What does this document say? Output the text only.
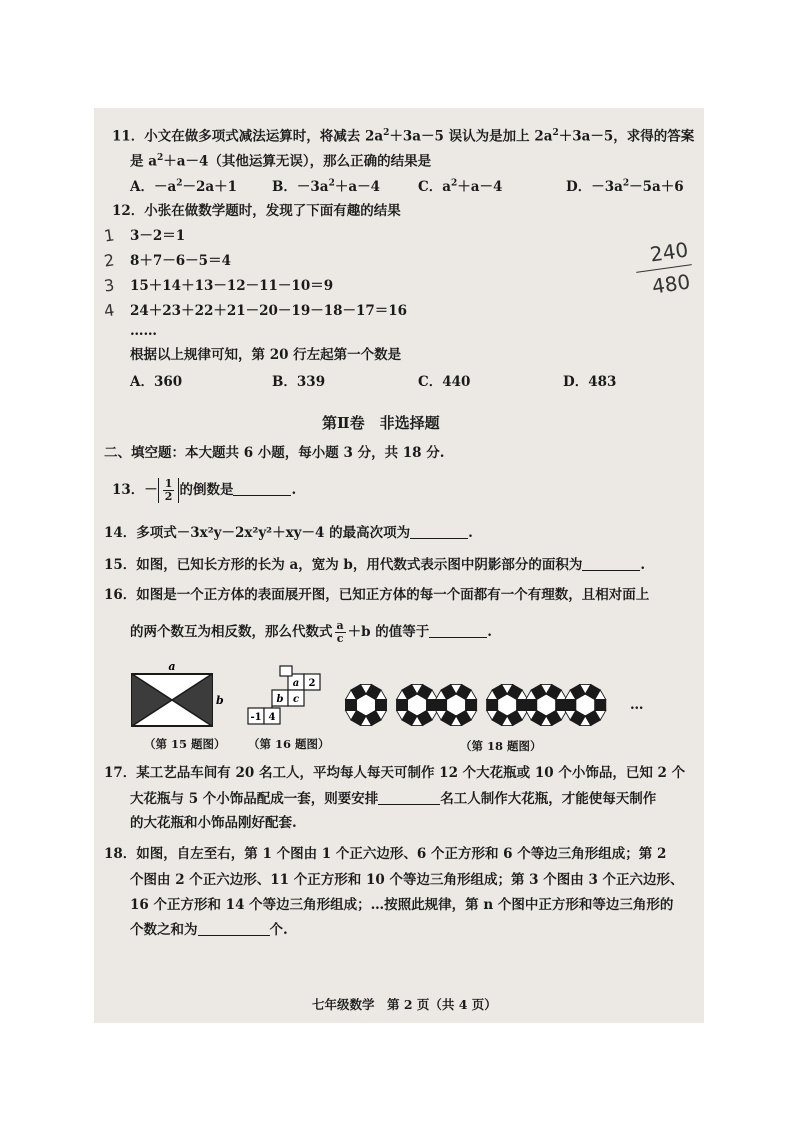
11．小文在做多项式减法运算时，将减去 $2a^2+3a-5$ 误认为是加上 $2a^2+3a-5$，求得的答案
是 $a^2+a-4$（其他运算无误），那么正确的结果是
A．$-a^2-2a+1$	B．$-3a^2+a-4$	C．$a^2+a-4$	D．$-3a^2-5a+6$
12．小张在做数学题时，发现了下面有趣的结果
1 3－2＝1
2 8＋7－6－5＝4
3 15＋14＋13－12－11－10＝9
4 24＋23＋22＋21－20－19－18－17＝16
……
根据以上规律可知，第 20 行左起第一个数是
A．360	B．339	C．440	D．483
240
480
第Ⅱ卷　非选择题
二、填空题：本大题共 6 小题，每小题 3 分，共 18 分.
13．－ $\frac{1}{2}$ 的倒数是	.
14．多项式－3x²y－2x²y²＋xy－4 的最高次项为	.
15．如图，已知长方形的长为 a，宽为 b，用代数式表示图中阴影部分的面积为	.
16．如图是一个正方体的表面展开图，已知正方体的每一个面都有一个有理数，且相对面上
的两个数互为相反数，那么代数式 $\frac{a}{c} +b$ 的值等于	.
a
b
a 2
b c
-1 4
…
（第 15 题图） （第 16 题图）	（第 18 题图）
17．某工艺品车间有 20 名工人，平均每人每天可制作 12 个大花瓶或 10 个小饰品，已知 2 个
大花瓶与 5 个小饰品配成一套，则要安排	名工人制作大花瓶，才能使每天制作
的大花瓶和小饰品刚好配套.
18．如图，自左至右，第 1 个图由 1 个正六边形、6 个正方形和 6 个等边三角形组成；第 2
个图由 2 个正六边形、11 个正方形和 10 个等边三角形组成；第 3 个图由 3 个正六边形、
16 个正方形和 14 个等边三角形组成；…按照此规律，第 n 个图中正方形和等边三角形的
个数之和为	个.
七年级数学　第 2 页（共 4 页）
